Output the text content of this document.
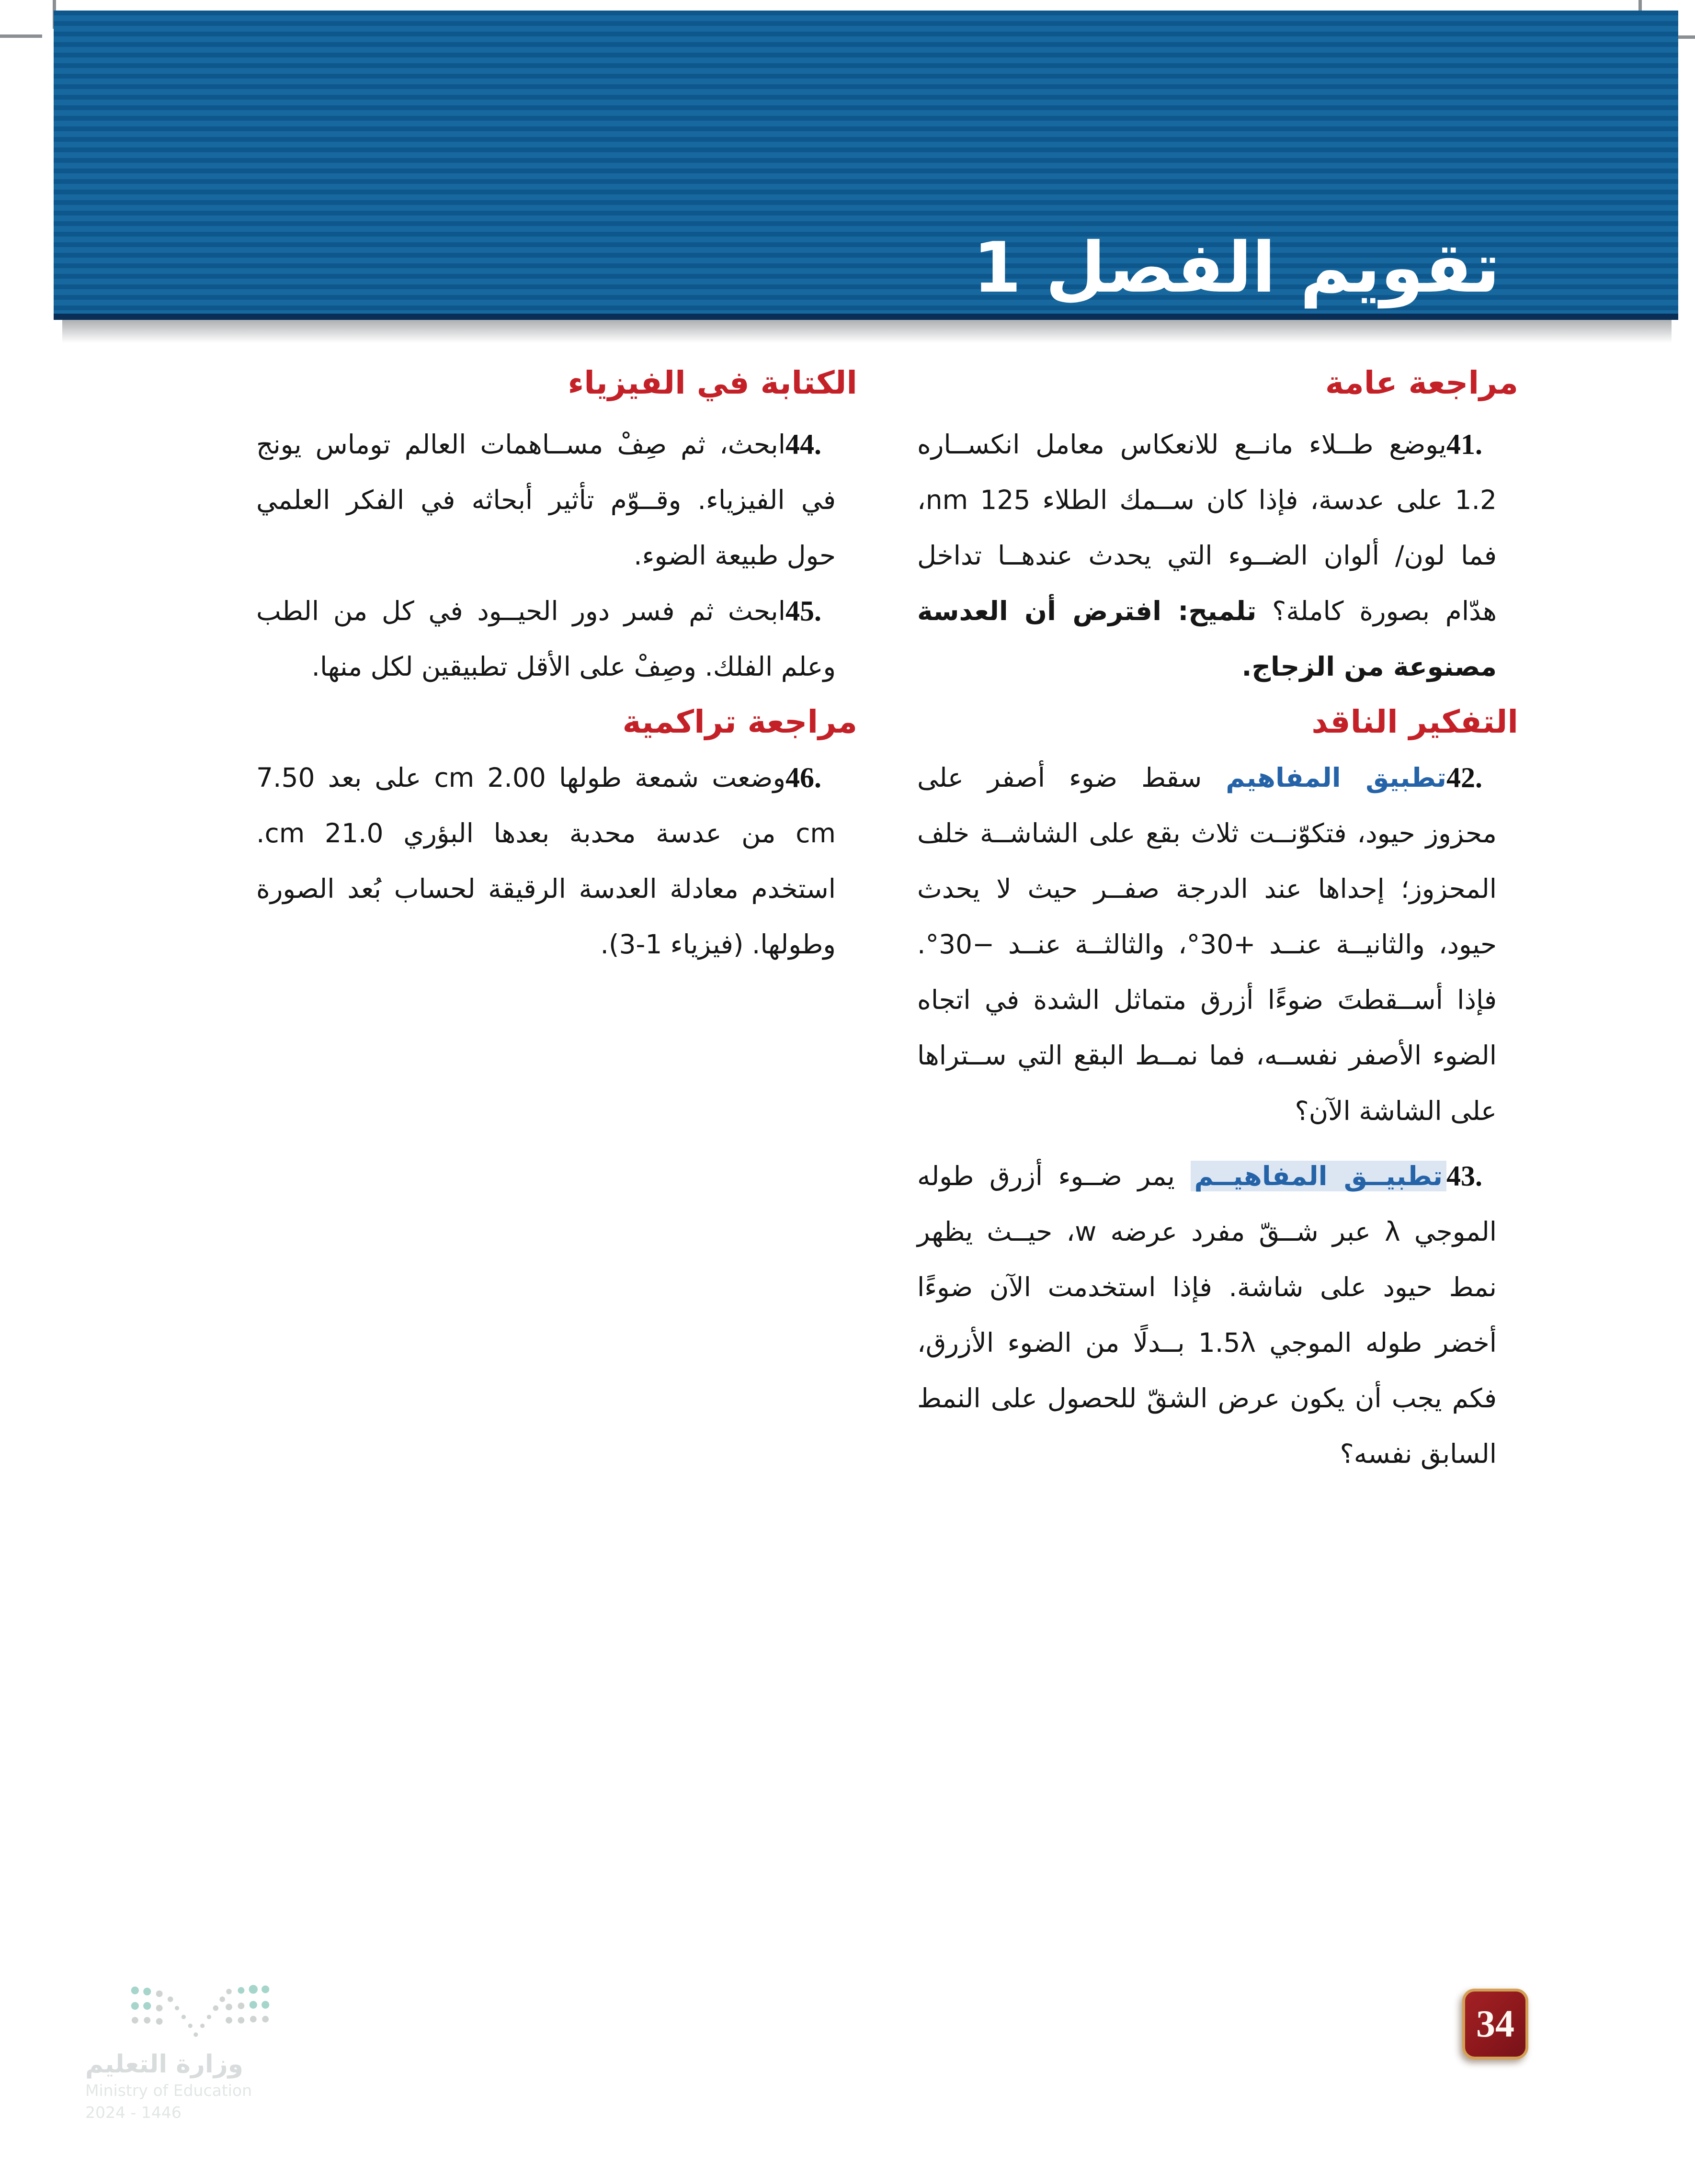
تقويم الفصل 1
مراجعة عامة

41.
يوضع طــلاء مانــع للانعكاس معامل انكســاره 1.2 على عدسة، فإذا كان ســمك الطلاء 125 nm، فما لون/ ألوان الضــوء التي يحدث عندهــا تداخل هدّام بصورة كاملة؟ تلميح: افترض أن العدسة مصنوعة من الزجاج.

التفكير الناقد

42.
تطبيق المفاهيم سقط ضوء أصفر على محزوز حيود، فتكوّنــت ثلاث بقع على الشاشــة خلف المحزوز؛ إحداها عند الدرجة صفــر حيث لا يحدث حيود، والثانيــة عنــد °30+، والثالثــة عنــد °30−. فإذا أســقطتَ ضوءًا أزرق متماثل الشدة في اتجاه الضوء الأصفر نفســه، فما نمــط البقع التي ســتراها على الشاشة الآن؟

43.
تطبيــق المفاهيــم يمر ضــوء أزرق طوله الموجي λ عبر شــقّ مفرد عرضه w، حيــث يظهر نمط حيود على شاشة. فإذا استخدمت الآن ضوءًا أخضر طوله الموجي 1.5λ بــدلًا من الضوء الأزرق، فكم يجب أن يكون عرض الشقّ للحصول على النمط السابق نفسه؟

الكتابة في الفيزياء

44.
ابحث، ثم صِفْ مســاهمات العالم توماس يونج في الفيزياء. وقــوّم تأثير أبحاثه في الفكر العلمي حول طبيعة الضوء.

45.
ابحث ثم فسر دور الحيــود في كل من الطب وعلم الفلك. وصِفْ على الأقل تطبيقين لكل منها.

مراجعة تراكمية

46.
وضعت شمعة طولها 2.00 cm على بعد 7.50 cm من عدسة محدبة بعدها البؤري 21.0 cm. استخدم معادلة العدسة الرقيقة لحساب بُعد الصورة وطولها. (فيزياء 1-3).

وزارة التعليم
Ministry of Education
2024 - 1446
34
